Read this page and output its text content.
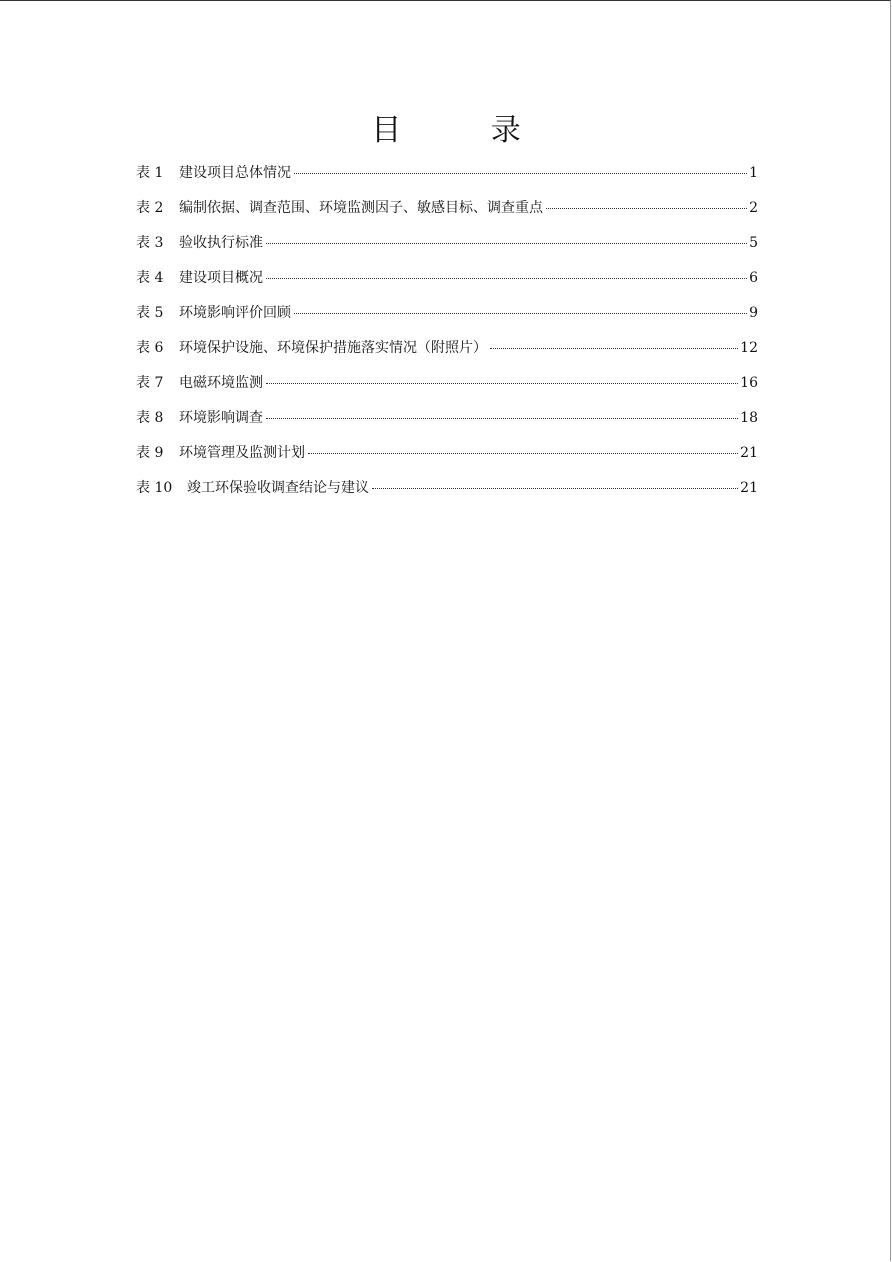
目 录
表 1	建设项目总体情况	1
表 2	编制依据、调查范围、环境监测因子、敏感目标、调查重点	2
表 3	验收执行标准	5
表 4	建设项目概况	6
表 5	环境影响评价回顾	9
表 6	环境保护设施、环境保护措施落实情况（附照片）	12
表 7	电磁环境监测	16
表 8	环境影响调查	18
表 9	环境管理及监测计划	21
表 10	竣工环保验收调查结论与建议	21
